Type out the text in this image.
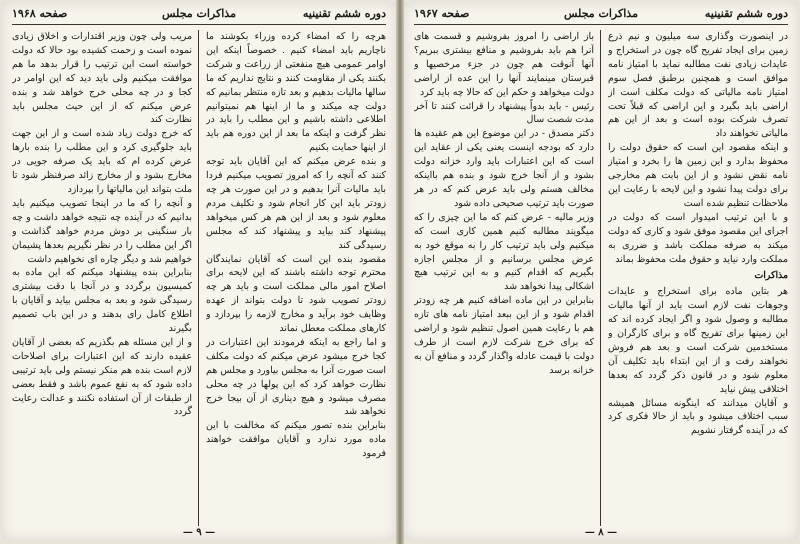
دوره ششم تقنینیه
مذاکرات مجلس
صفحه ۱۹۶۸

هرچه را که امضاء کرده وزراء بکوشند ما ناچاریم باید امضاء کنیم . خصوصاً اینکه این اوامر عمومی هیچ منفعتی از زراعت و شرکت بکنند یکی از مقاومت کنند و نتایج نداریم که ما سالها مالیات بدهیم و بعد تازه منتظر بمانیم که دولت چه میکند و ما از اینها هم نمیتوانیم اطلاعی داشته باشیم و این مطلب را باید در نظر گرفت و اینکه ما بعد از این دوره هم باید از اینها حمایت بکنیم

و بنده عرض میکنم که این آقایان باید توجه کنند که آنچه را که امروز تصویب میکنیم فردا باید مالیات آنرا بدهیم و در این صورت هر چه زودتر باید این کار انجام شود و تکلیف مردم معلوم شود و بعد از این هم هر کس میخواهد پیشنهاد کند بیاید و پیشنهاد کند که مجلس رسیدگی کند

مقصود بنده این است که آقایان نمایندگان محترم توجه داشته باشند که این لایحه برای اصلاح امور مالی مملکت است و باید هر چه زودتر تصویب شود تا دولت بتواند از عهده وظایف خود برآید و مخارج لازمه را بپردازد و کارهای مملکت معطل نماند

و اما راجع به اینکه فرمودند این اعتبارات در کجا خرج میشود عرض میکنم که دولت مکلف است صورت آنرا به مجلس بیاورد و مجلس هم نظارت خواهد کرد که این پولها در چه محلی مصرف میشود و هیچ دیناری از آن بیجا خرج نخواهد شد

بنابراین بنده تصور میکنم که مخالفت با این ماده مورد ندارد و آقایان موافقت خواهند فرمود

مریب ولی چون وزیر اقتدارات و اخلاق زیادی نموده است و زحمت کشیده بود حالا که دولت خواسته است این ترتیب را قرار بدهد ما هم موافقت میکنیم ولی باید دید که این اوامر در کجا و در چه محلی خرج خواهد شد و بنده عرض میکنم که از این حیث مجلس باید نظارت کند

که خرج دولت زیاد شده است و از این جهت باید جلوگیری کرد و این مطلب را بنده بارها عرض کرده ام که باید یک صرفه جویی در مخارج بشود و از مخارج زائد صرفنظر شود تا ملت بتواند این مالیاتها را بپردازد

و آنچه را که ما در اینجا تصویب میکنیم باید بدانیم که در آینده چه نتیجه خواهد داشت و چه بار سنگینی بر دوش مردم خواهد گذاشت و اگر این مطلب را در نظر نگیریم بعدها پشیمان خواهیم شد و دیگر چاره ای نخواهیم داشت

بنابراین بنده پیشنهاد میکنم که این ماده به کمیسیون برگردد و در آنجا با دقت بیشتری رسیدگی شود و بعد به مجلس بیاید و آقایان با اطلاع کامل رای بدهند و در این باب تصمیم بگیرند

و از این مسئله هم بگذریم که بعضی از آقایان عقیده دارند که این اعتبارات برای اصلاحات لازم است بنده هم منکر نیستم ولی باید ترتیبی داده شود که به نفع عموم باشد و فقط بعضی از طبقات از آن استفاده نکنند و عدالت رعایت گردد

— ۹ —
دوره ششم تقنینیه
مذاکرات مجلس
صفحه ۱۹۶۷

در اینصورت وگذاری سه میلیون و نیم ذرع زمین برای ایجاد تفریح گاه چون در استخراج و عایدات زیادی نفت مطالبه نماید با امتیاز نامه موافق است و همچنین برطبق فصل سوم امتیاز نامه مالیاتی که دولت مکلف است از اراضی باید بگیرد و این اراضی که قبلاً تحت تصرف شرکت بوده است و بعد از این هم مالیاتی نخواهند داد

و اینکه مقصود این است که حقوق دولت را محفوظ بدارد و این زمین ها را بخرد و امتیاز نامه نقض نشود و از این بابت هم مخارجی برای دولت پیدا نشود و این لایحه با رعایت این ملاحظات تنظیم شده است

و با این ترتیب امیدوار است که دولت در اجرای این مقصود موفق شود و کاری که دولت میکند به صرفه مملکت باشد و ضرری به مملکت وارد نیاید و حقوق ملت محفوظ بماند

مذاکرات

هر بتاین ماده برای استخراج و عایدات وجوهات نفت لازم است باید از آنها مالیات مطالبه و وصول شود و اگر ایجاد کرده اند که این زمینها برای تفریح گاه و برای کارگران و مستخدمین شرکت است و بعد هم فروش نخواهند رفت و از این ابتداء باید تکلیف آن معلوم شود و در قانون ذکر گردد که بعدها اختلافی پیش نیاید

و آقایان میدانند که اینگونه مسائل همیشه سبب اختلاف میشود و باید از حالا فکری کرد که در آینده گرفتار نشویم

باز اراضی را امروز بفروشیم و قسمت های آنرا هم باید بفروشیم و منافع بیشتری ببریم؟ آنها آنوقت هم چون در جزء مرخصیها و قبرستان مینمایند آنها را این عده از اراضی دولت میخواهد و حکم این که حالا چه باید کرد

رئیس - باید بدواً پیشنهاد را قرائت کنند تا آخر مدت شصت سال

دکتر مصدق - در این موضوع این هم عقیده ها دارد که بودجه اینست یعنی یکی از عقاید این است که این اعتبارات باید وارد خزانه دولت بشود و از آنجا خرج شود و بنده هم بااینکه مخالف هستم ولی باید عرض کنم که در هر صورت باید ترتیب صحیحی داده شود

وزیر مالیه - عرض کنم که ما این چیزی را که میگویند مطالبه کنیم همین کاری است که میکنیم ولی باید ترتیب کار را به موقع خود به عرض مجلس برسانیم و از مجلس اجازه بگیریم که اقدام کنیم و به این ترتیب هیچ اشکالی پیدا نخواهد شد

بنابراین در این ماده اضافه کنیم هر چه زودتر اقدام شود و از این ببعد امتیاز نامه های تازه هم با رعایت همین اصول تنظیم شود و اراضی که برای خرج شرکت لازم است از طرف دولت با قیمت عادله واگذار گردد و منافع آن به خزانه برسد

— ۸ —
